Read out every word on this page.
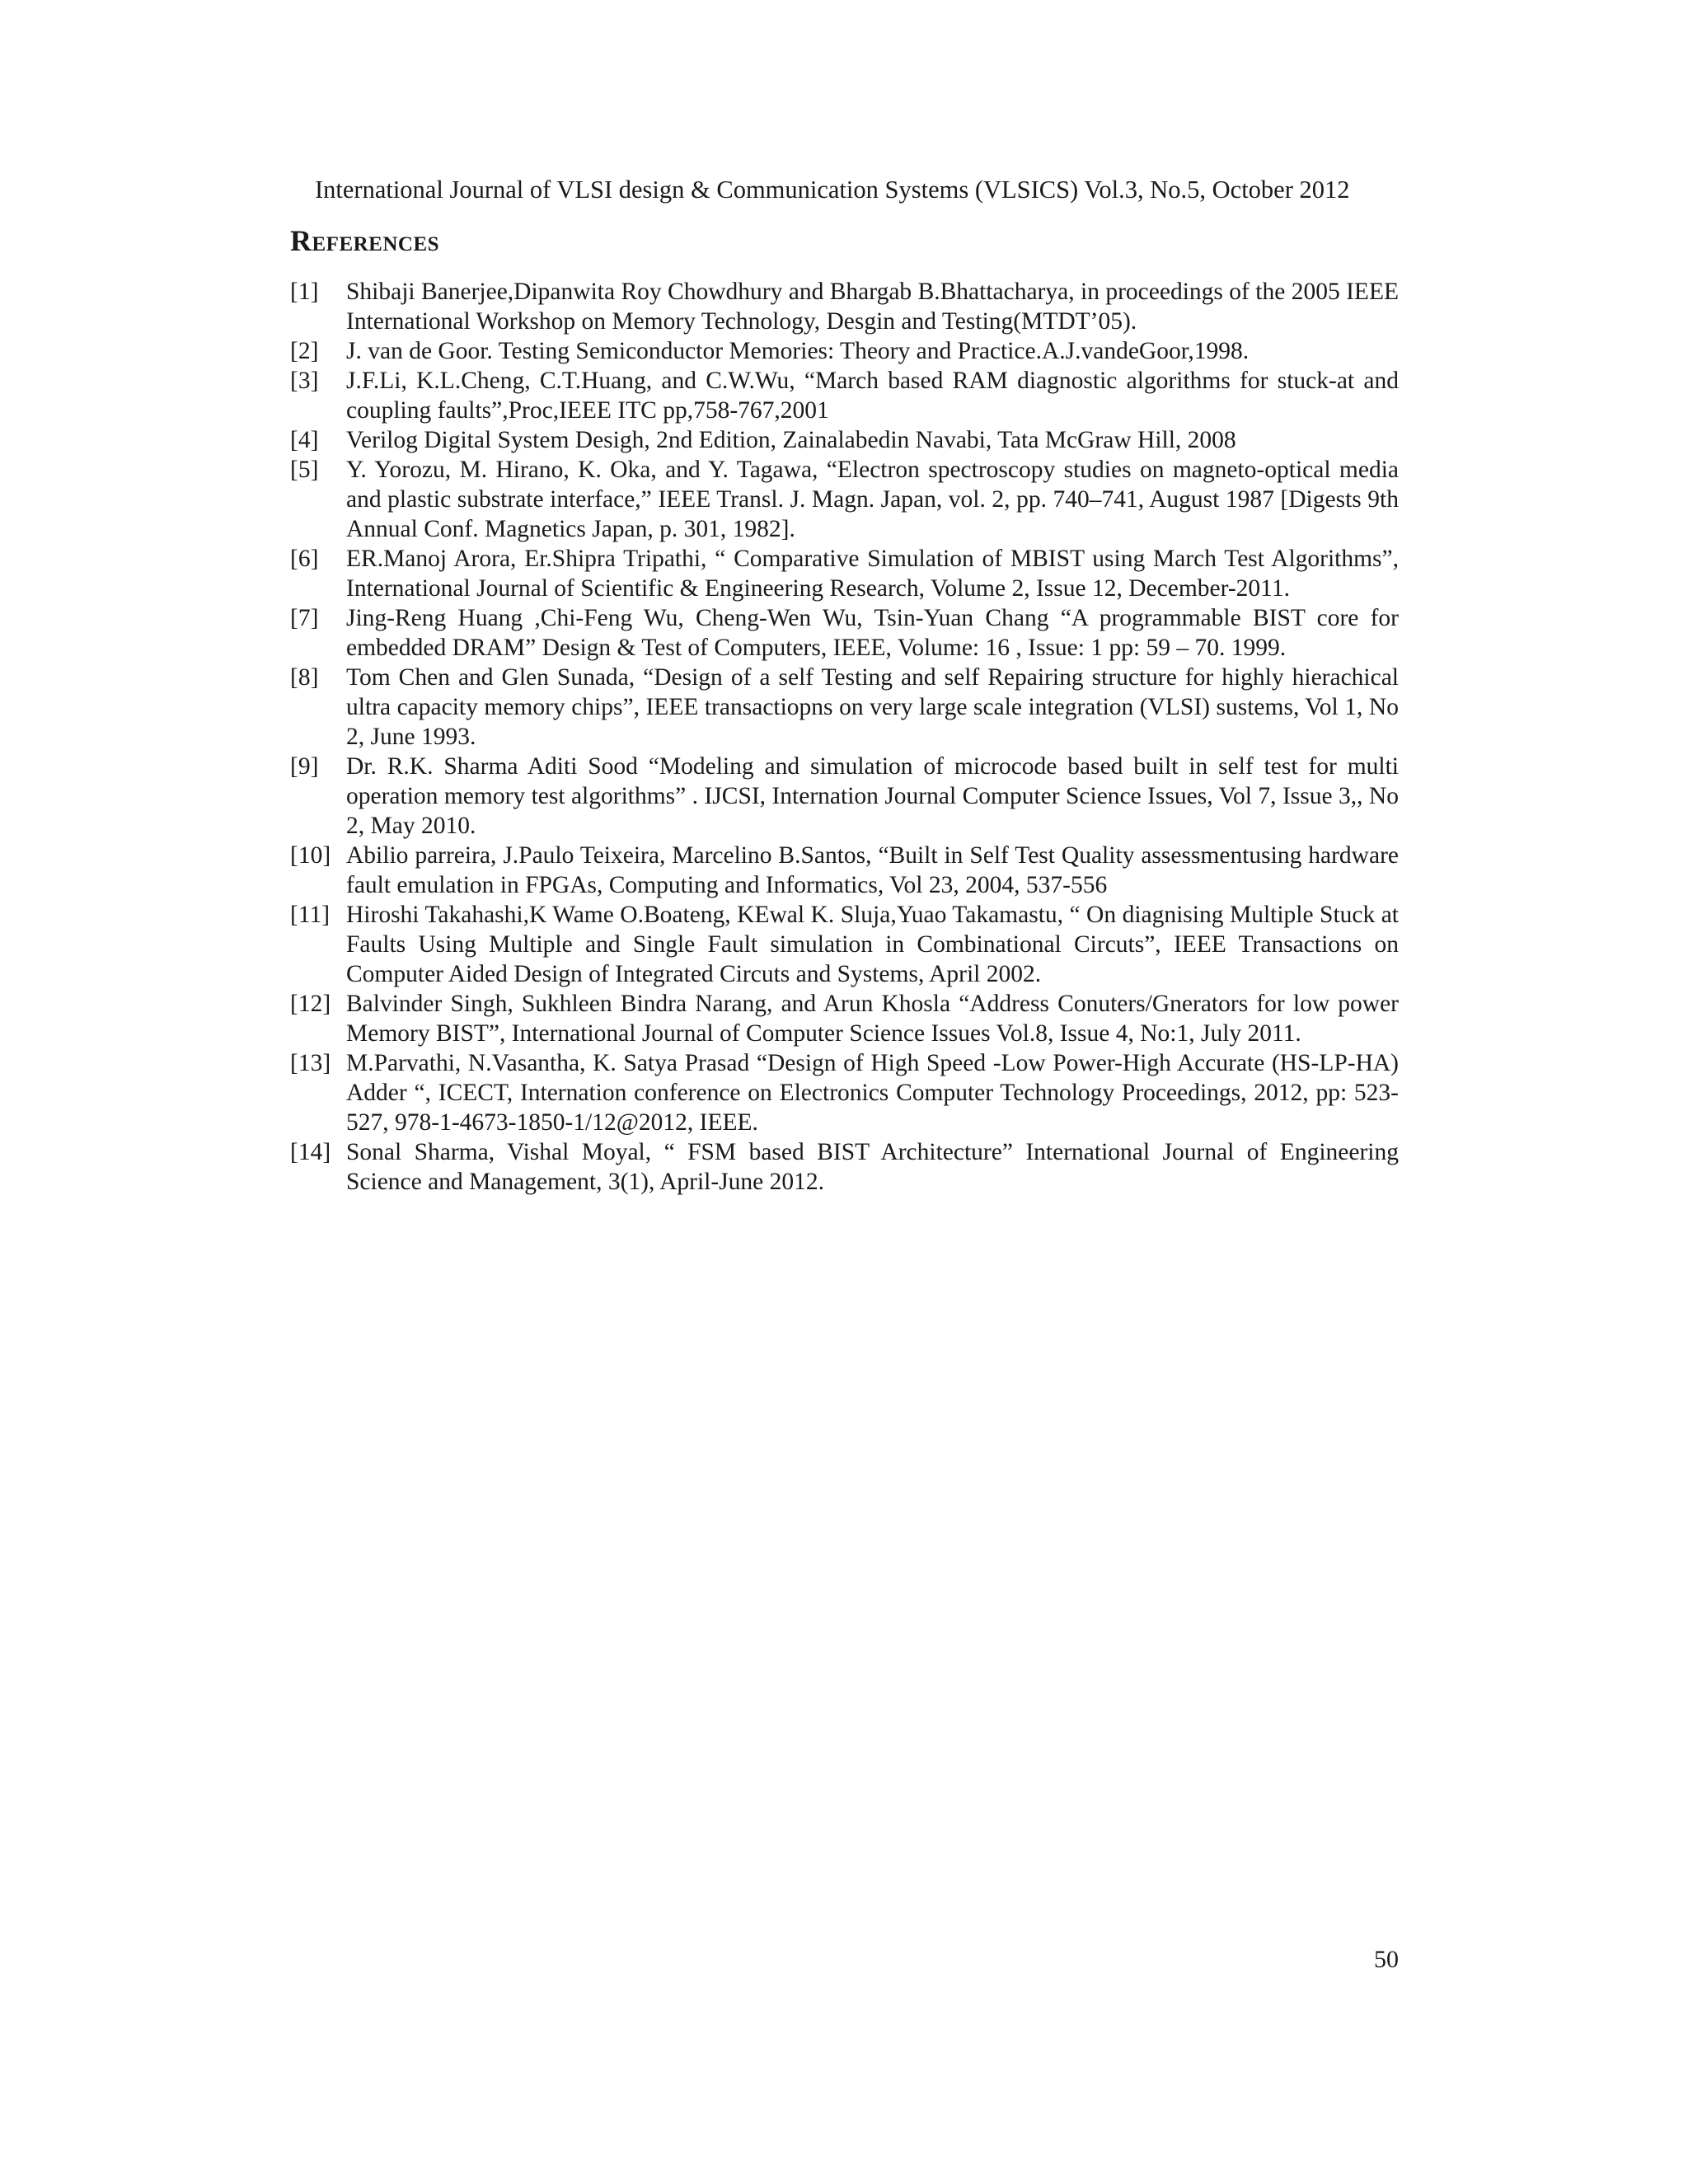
International Journal of VLSI design & Communication Systems (VLSICS) Vol.3, No.5, October 2012
References
[1]	Shibaji Banerjee,Dipanwita Roy Chowdhury and Bhargab B.Bhattacharya, in proceedings of the 2005 IEEE International Workshop on Memory Technology, Desgin and Testing(MTDT’05).
[2]	J. van de Goor. Testing Semiconductor Memories: Theory and Practice.A.J.vandeGoor,1998.
[3]	J.F.Li, K.L.Cheng, C.T.Huang, and C.W.Wu, “March based RAM diagnostic algorithms for stuck-at and coupling faults”,Proc,IEEE ITC pp,758-767,2001
[4]	Verilog Digital System Desigh, 2nd Edition, Zainalabedin Navabi, Tata McGraw Hill, 2008
[5]	Y. Yorozu, M. Hirano, K. Oka, and Y. Tagawa, “Electron spectroscopy studies on magneto-optical media and plastic substrate interface,” IEEE Transl. J. Magn. Japan, vol. 2, pp. 740–741, August 1987 [Digests 9th Annual Conf. Magnetics Japan, p. 301, 1982].
[6]	ER.Manoj Arora, Er.Shipra Tripathi, “ Comparative Simulation of MBIST using March Test Algorithms”, International Journal of Scientific & Engineering Research, Volume 2, Issue 12, December-2011.
[7]	Jing-Reng Huang ,Chi-Feng Wu, Cheng-Wen Wu, Tsin-Yuan Chang “A programmable BIST core for embedded DRAM” Design & Test of Computers, IEEE, Volume: 16 , Issue: 1 pp: 59 – 70. 1999.
[8]	Tom Chen and Glen Sunada, “Design of a self Testing and self Repairing structure for highly hierachical ultra capacity memory chips”, IEEE transactiopns on very large scale integration (VLSI) sustems, Vol 1, No 2, June 1993.
[9]	Dr. R.K. Sharma Aditi Sood “Modeling and simulation of microcode based built in self test for multi operation memory test algorithms” . IJCSI, Internation Journal Computer Science Issues, Vol 7, Issue 3,, No 2, May 2010.
[10] Abilio parreira, J.Paulo Teixeira, Marcelino B.Santos, “Built in Self Test Quality assessmentusing hardware fault emulation in FPGAs, Computing and Informatics, Vol 23, 2004, 537-556
[11] Hiroshi Takahashi,K Wame O.Boateng, KEwal K. Sluja,Yuao Takamastu, “ On diagnising Multiple Stuck at Faults Using Multiple and Single Fault simulation in Combinational Circuts”, IEEE Transactions on Computer Aided Design of Integrated Circuts and Systems, April 2002.
[12] Balvinder Singh, Sukhleen Bindra Narang, and Arun Khosla “Address Conuters/Gnerators for low power Memory BIST”, International Journal of Computer Science Issues Vol.8, Issue 4, No:1, July 2011.
[13] M.Parvathi, N.Vasantha, K. Satya Prasad “Design of High Speed -Low Power-High Accurate (HS-LP-HA) Adder “, ICECT, Internation conference on Electronics Computer Technology Proceedings, 2012, pp: 523-527, 978-1-4673-1850-1/12@2012, IEEE.
[14] Sonal Sharma, Vishal Moyal, “ FSM based BIST Architecture” International Journal of Engineering Science and Management, 3(1), April-June 2012.
50
